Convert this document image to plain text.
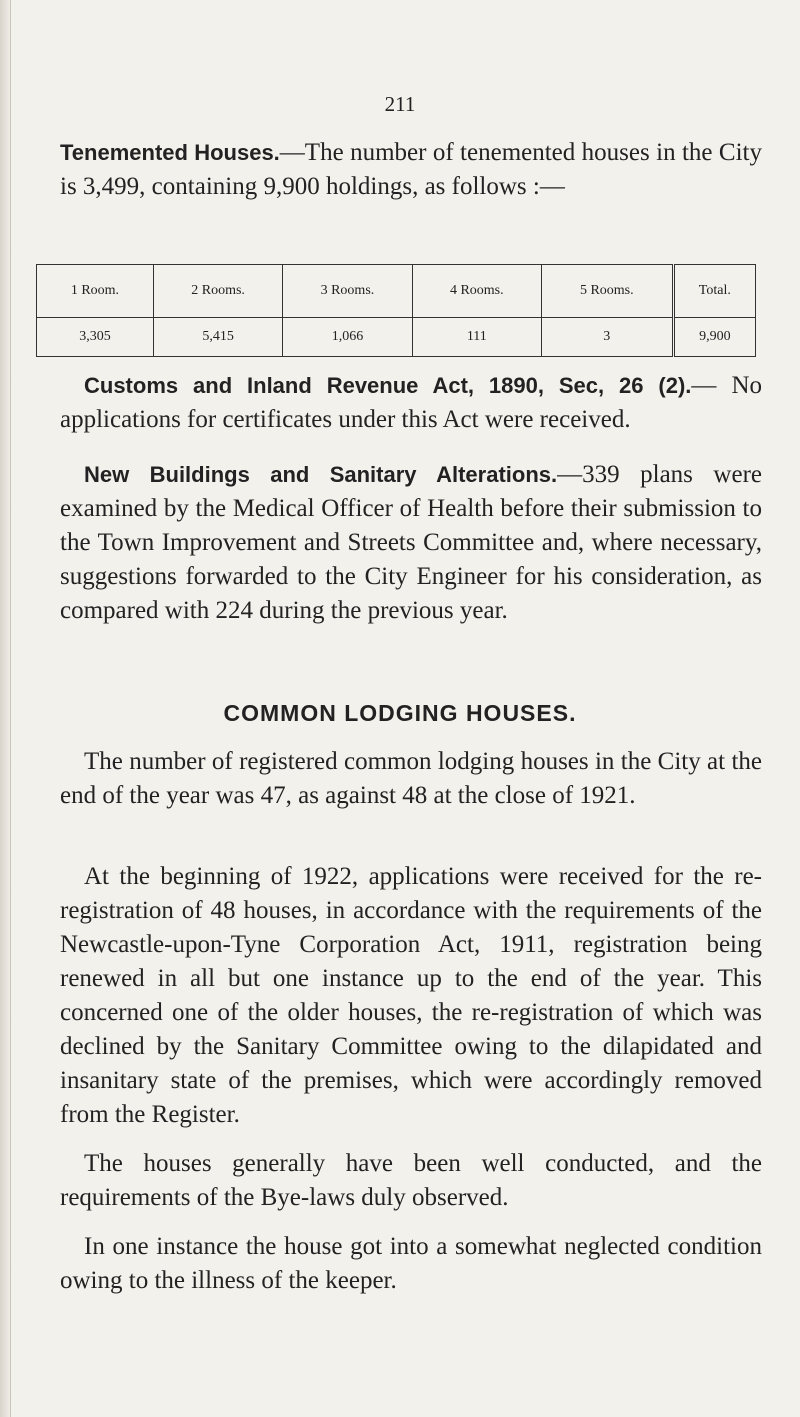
211
Tenemented Houses.—The number of tenemented houses in the City is 3,499, containing 9,900 holdings, as follows :—
1 Room.	2 Rooms.	3 Rooms.	4 Rooms.	5 Rooms.	Total.
3,305	5,415	1,066	111	3	9,900
Customs and Inland Revenue Act, 1890, Sec, 26 (2).— No applications for certificates under this Act were received.
New Buildings and Sanitary Alterations.—339 plans were examined by the Medical Officer of Health before their submission to the Town Improvement and Streets Committee and, where necessary, suggestions forwarded to the City Engineer for his consideration, as compared with 224 during the previous year.
COMMON LODGING HOUSES.
The number of registered common lodging houses in the City at the end of the year was 47, as against 48 at the close of 1921.
At the beginning of 1922, applications were received for the re-registration of 48 houses, in accordance with the requirements of the Newcastle-upon-Tyne Corporation Act, 1911, registration being renewed in all but one instance up to the end of the year. This concerned one of the older houses, the re-registration of which was declined by the Sanitary Committee owing to the dilapidated and insanitary state of the premises, which were accordingly removed from the Register.
The houses generally have been well conducted, and the requirements of the Bye-laws duly observed.
In one instance the house got into a somewhat neglected condition owing to the illness of the keeper.
